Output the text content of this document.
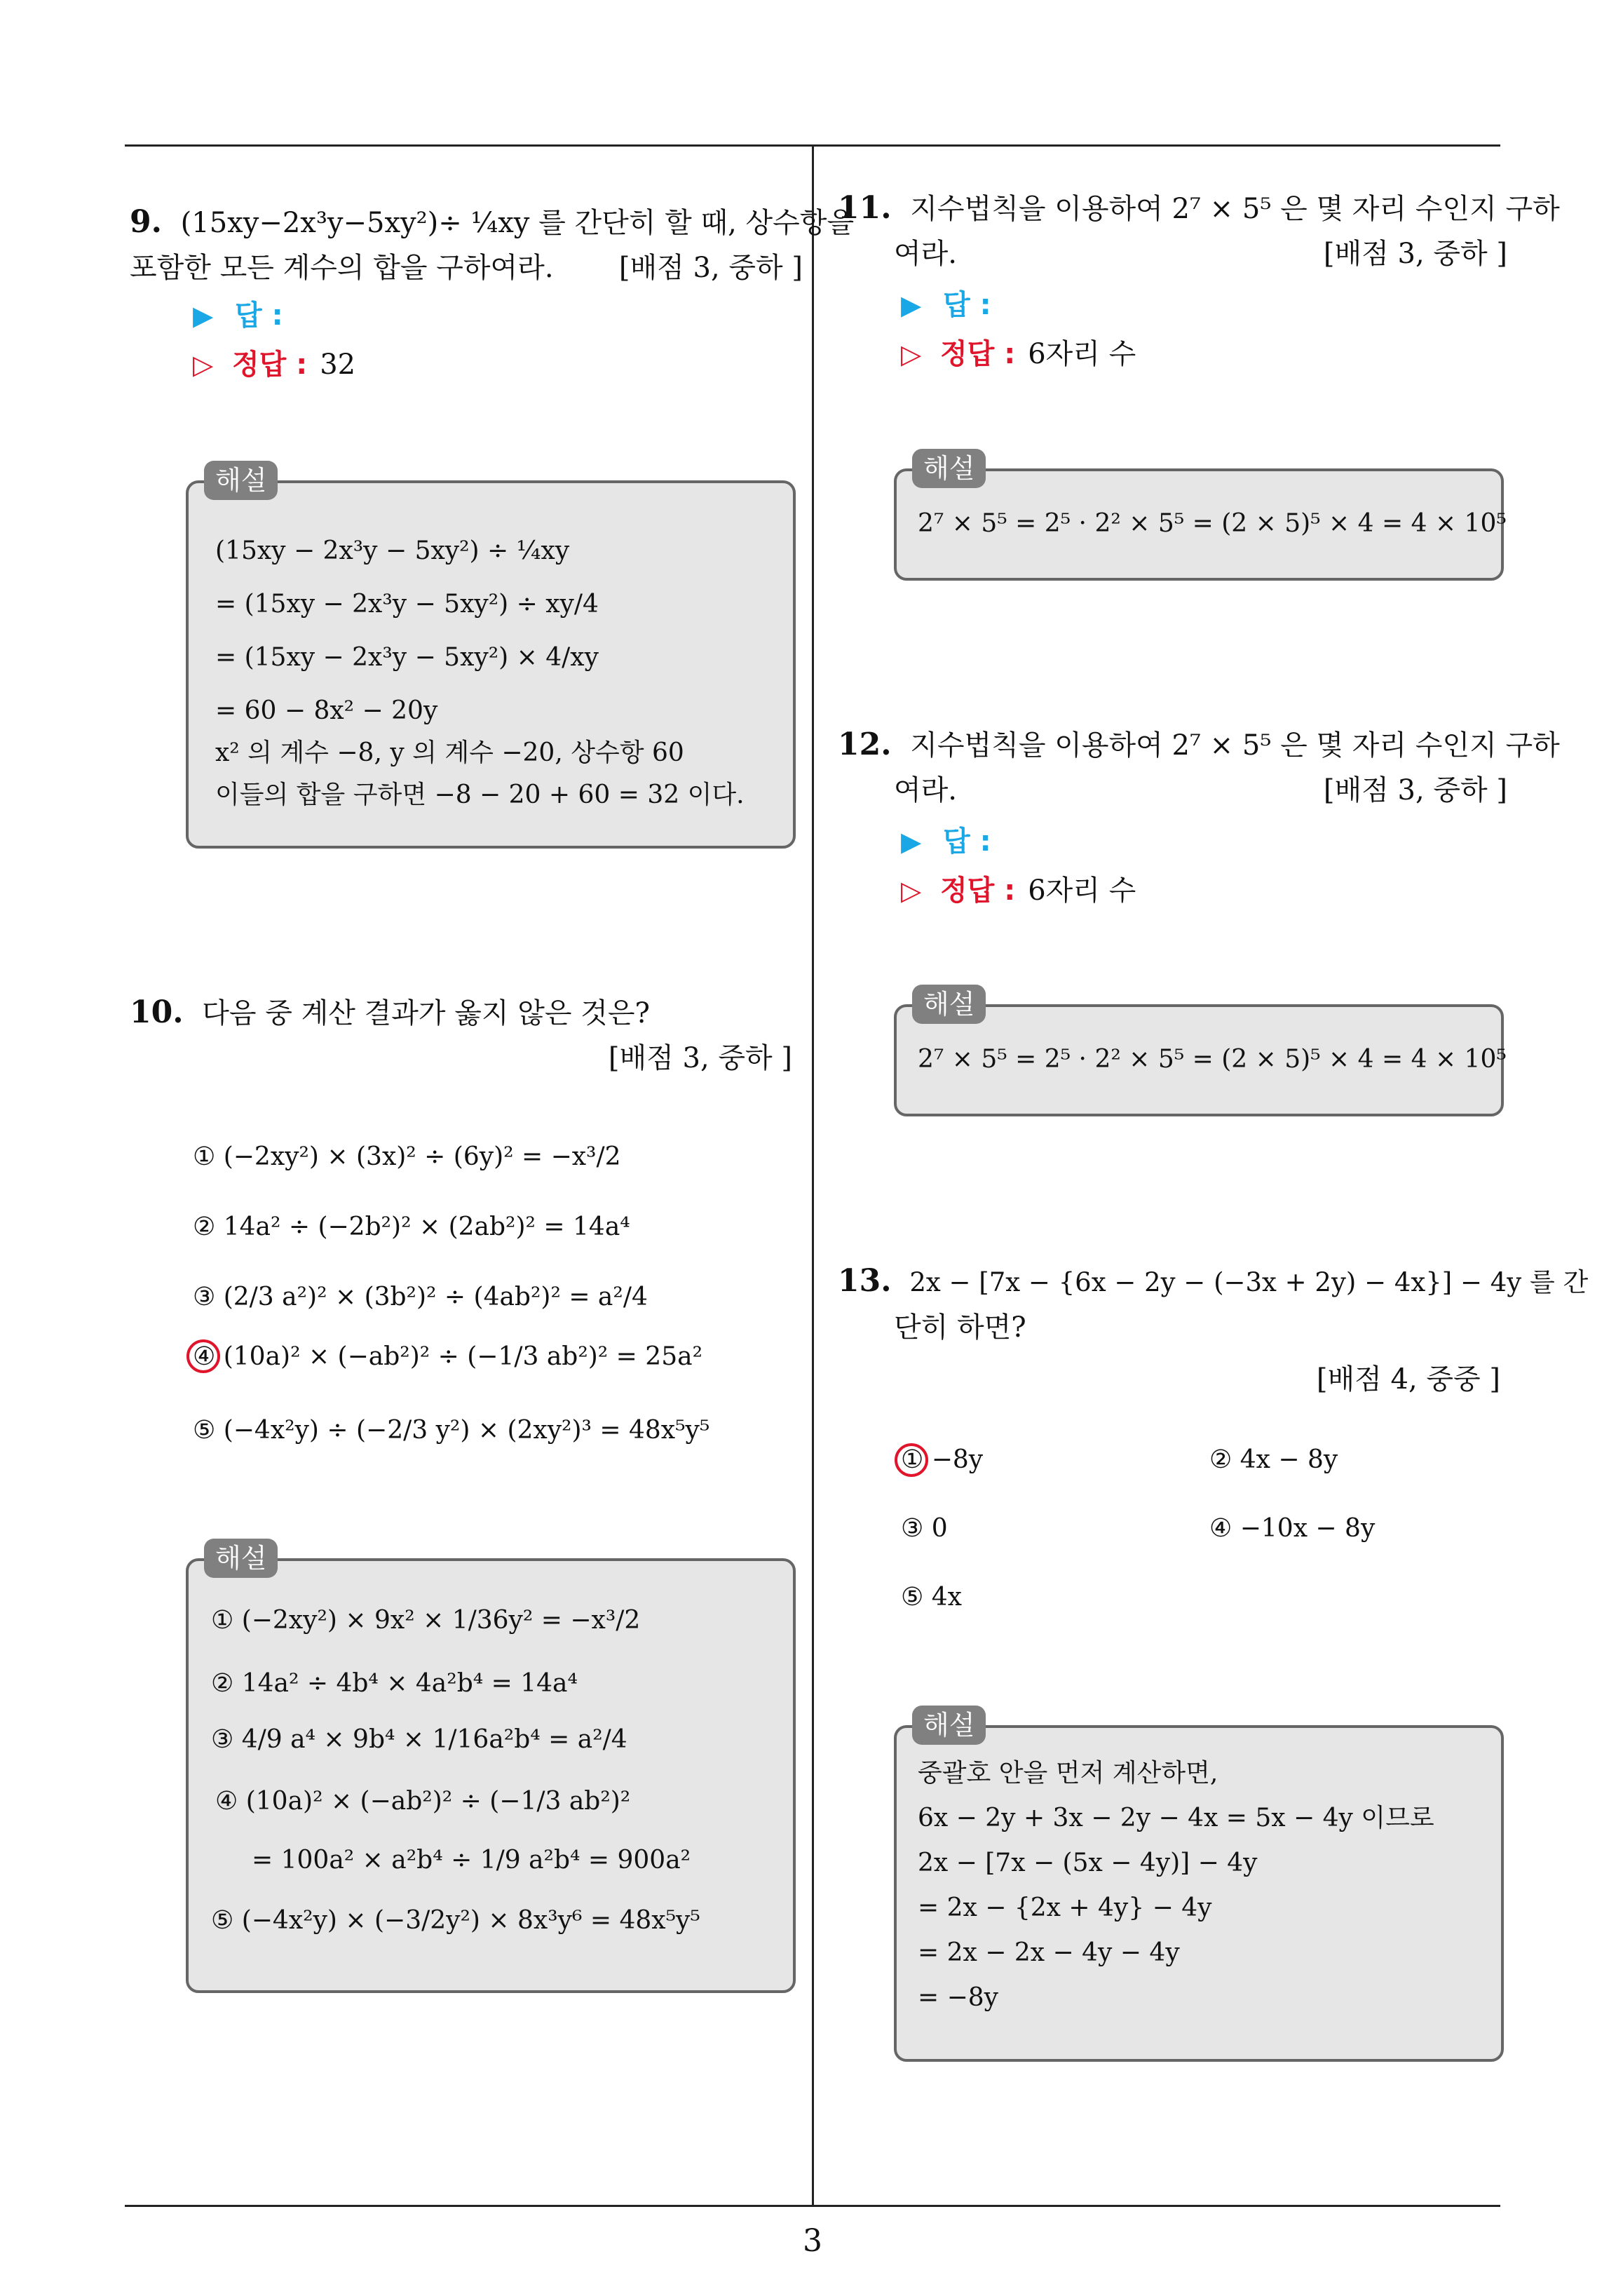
9. (15xy−2x³y−5xy²)÷ ¼xy 를 간단히 할 때, 상수항을
포함한 모든 계수의 합을 구하여라. [배점 3, 중하 ]
▶ 답 :
▷ 정답 : 32
해설
(15xy − 2x³y − 5xy²) ÷ ¼xy
= (15xy − 2x³y − 5xy²) ÷ xy/4
= (15xy − 2x³y − 5xy²) × 4/xy
= 60 − 8x² − 20y
x² 의 계수 −8, y 의 계수 −20, 상수항 60
이들의 합을 구하면 −8 − 20 + 60 = 32 이다.
10. 다음 중 계산 결과가 옳지 않은 것은?
[배점 3, 중하 ]
① (−2xy²) × (3x)² ÷ (6y)² = −x³/2
② 14a² ÷ (−2b²)² × (2ab²)² = 14a⁴
③ (2/3 a²)² × (3b²)² ÷ (4ab²)² = a²/4
④ (10a)² × (−ab²)² ÷ (−1/3 ab²)² = 25a²
⑤ (−4x²y) ÷ (−2/3 y²) × (2xy²)³ = 48x⁵y⁵
해설
① (−2xy²) × 9x² × 1/36y² = −x³/2
② 14a² ÷ 4b⁴ × 4a²b⁴ = 14a⁴
③ 4/9 a⁴ × 9b⁴ × 1/16a²b⁴ = a²/4
④ (10a)² × (−ab²)² ÷ (−1/3 ab²)²
= 100a² × a²b⁴ ÷ 1/9 a²b⁴ = 900a²
⑤ (−4x²y) × (−3/2y²) × 8x³y⁶ = 48x⁵y⁵
11. 지수법칙을 이용하여 2⁷ × 5⁵ 은 몇 자리 수인지 구하
여라.	[배점 3, 중하 ]
▶ 답 :
▷ 정답 : 6자리 수
해설
2⁷ × 5⁵ = 2⁵ · 2² × 5⁵ = (2 × 5)⁵ × 4 = 4 × 10⁵
12. 지수법칙을 이용하여 2⁷ × 5⁵ 은 몇 자리 수인지 구하
여라.	[배점 3, 중하 ]
▶ 답 :
▷ 정답 : 6자리 수
해설
2⁷ × 5⁵ = 2⁵ · 2² × 5⁵ = (2 × 5)⁵ × 4 = 4 × 10⁵
13. 2x − [7x − {6x − 2y − (−3x + 2y) − 4x}] − 4y 를 간
단히 하면?
[배점 4, 중중 ]
① −8y	② 4x − 8y
③ 0	④ −10x − 8y
⑤ 4x
해설
중괄호 안을 먼저 계산하면,
6x − 2y + 3x − 2y − 4x = 5x − 4y 이므로
2x − [7x − (5x − 4y)] − 4y
= 2x − {2x + 4y} − 4y
= 2x − 2x − 4y − 4y
= −8y
3
